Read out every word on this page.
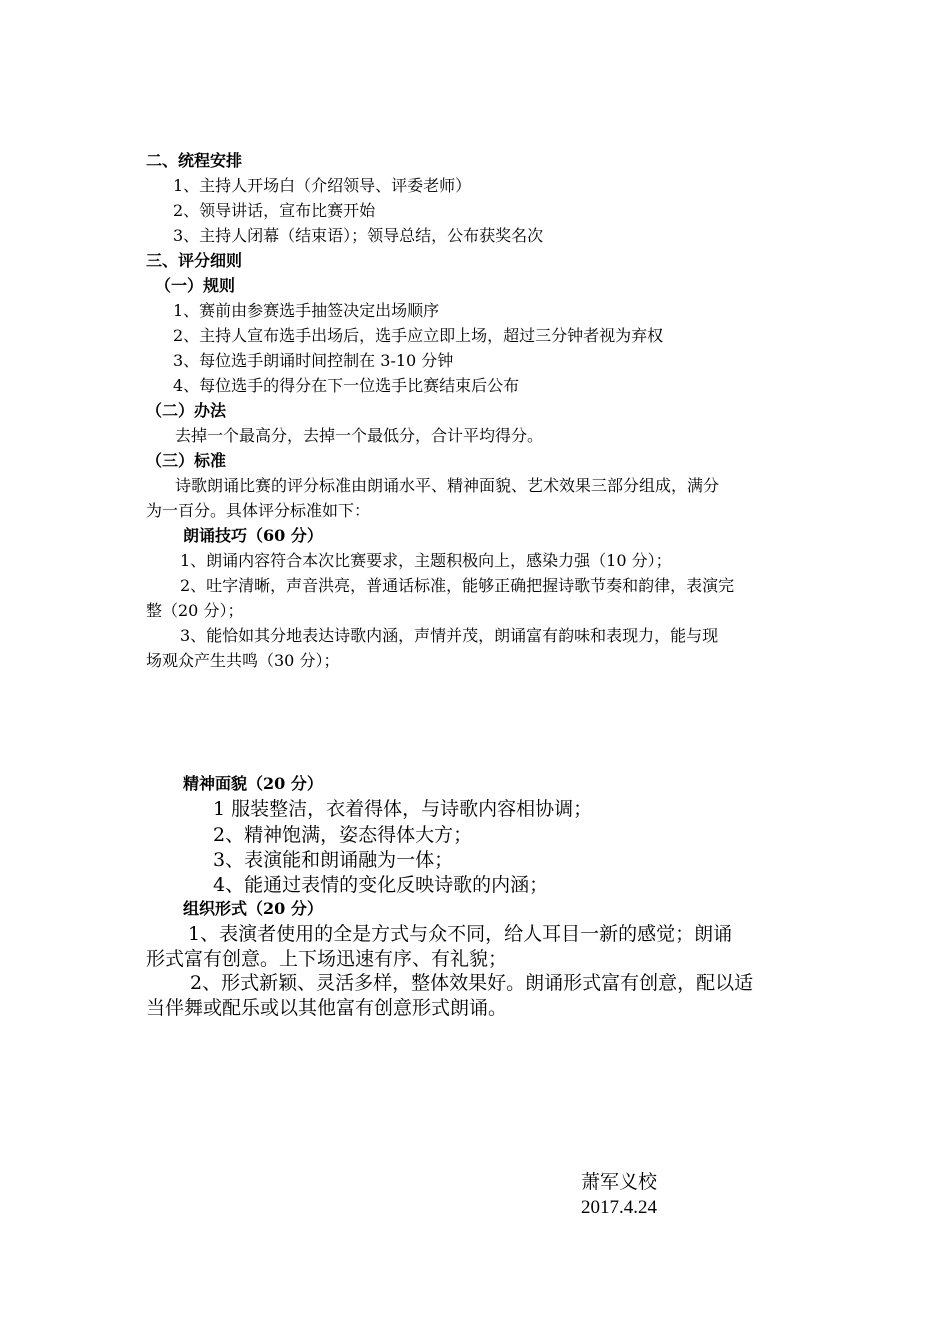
二、统程安排
1、主持人开场白（介绍领导、评委老师）
2、领导讲话，宣布比赛开始
3、主持人闭幕（结束语）；领导总结，公布获奖名次
三、评分细则
（一）规则
1、赛前由参赛选手抽签决定出场顺序
2、主持人宣布选手出场后，选手应立即上场，超过三分钟者视为弃权
3、每位选手朗诵时间控制在 3-10 分钟
4、每位选手的得分在下一位选手比赛结束后公布
（二）办法
去掉一个最高分，去掉一个最低分，合计平均得分。
（三）标准
诗歌朗诵比赛的评分标准由朗诵水平、精神面貌、艺术效果三部分组成，满分
为一百分。具体评分标准如下：
朗诵技巧（60 分）
1、朗诵内容符合本次比赛要求，主题积极向上，感染力强（10 分）；
2、吐字清晰，声音洪亮，普通话标准，能够正确把握诗歌节奏和韵律，表演完
整（20 分）；
3、能恰如其分地表达诗歌内涵，声情并茂，朗诵富有韵味和表现力，能与现
场观众产生共鸣（30 分）；
精神面貌（20 分）
1 服装整洁，衣着得体，与诗歌内容相协调；
2、精神饱满，姿态得体大方；
3、表演能和朗诵融为一体；
4、能通过表情的变化反映诗歌的内涵；
组织形式（20 分）
1、表演者使用的全是方式与众不同，给人耳目一新的感觉；朗诵
形式富有创意。上下场迅速有序、有礼貌；
2、形式新颖、灵活多样，整体效果好。朗诵形式富有创意，配以适
当伴舞或配乐或以其他富有创意形式朗诵。
萧军义校
2017.4.24
